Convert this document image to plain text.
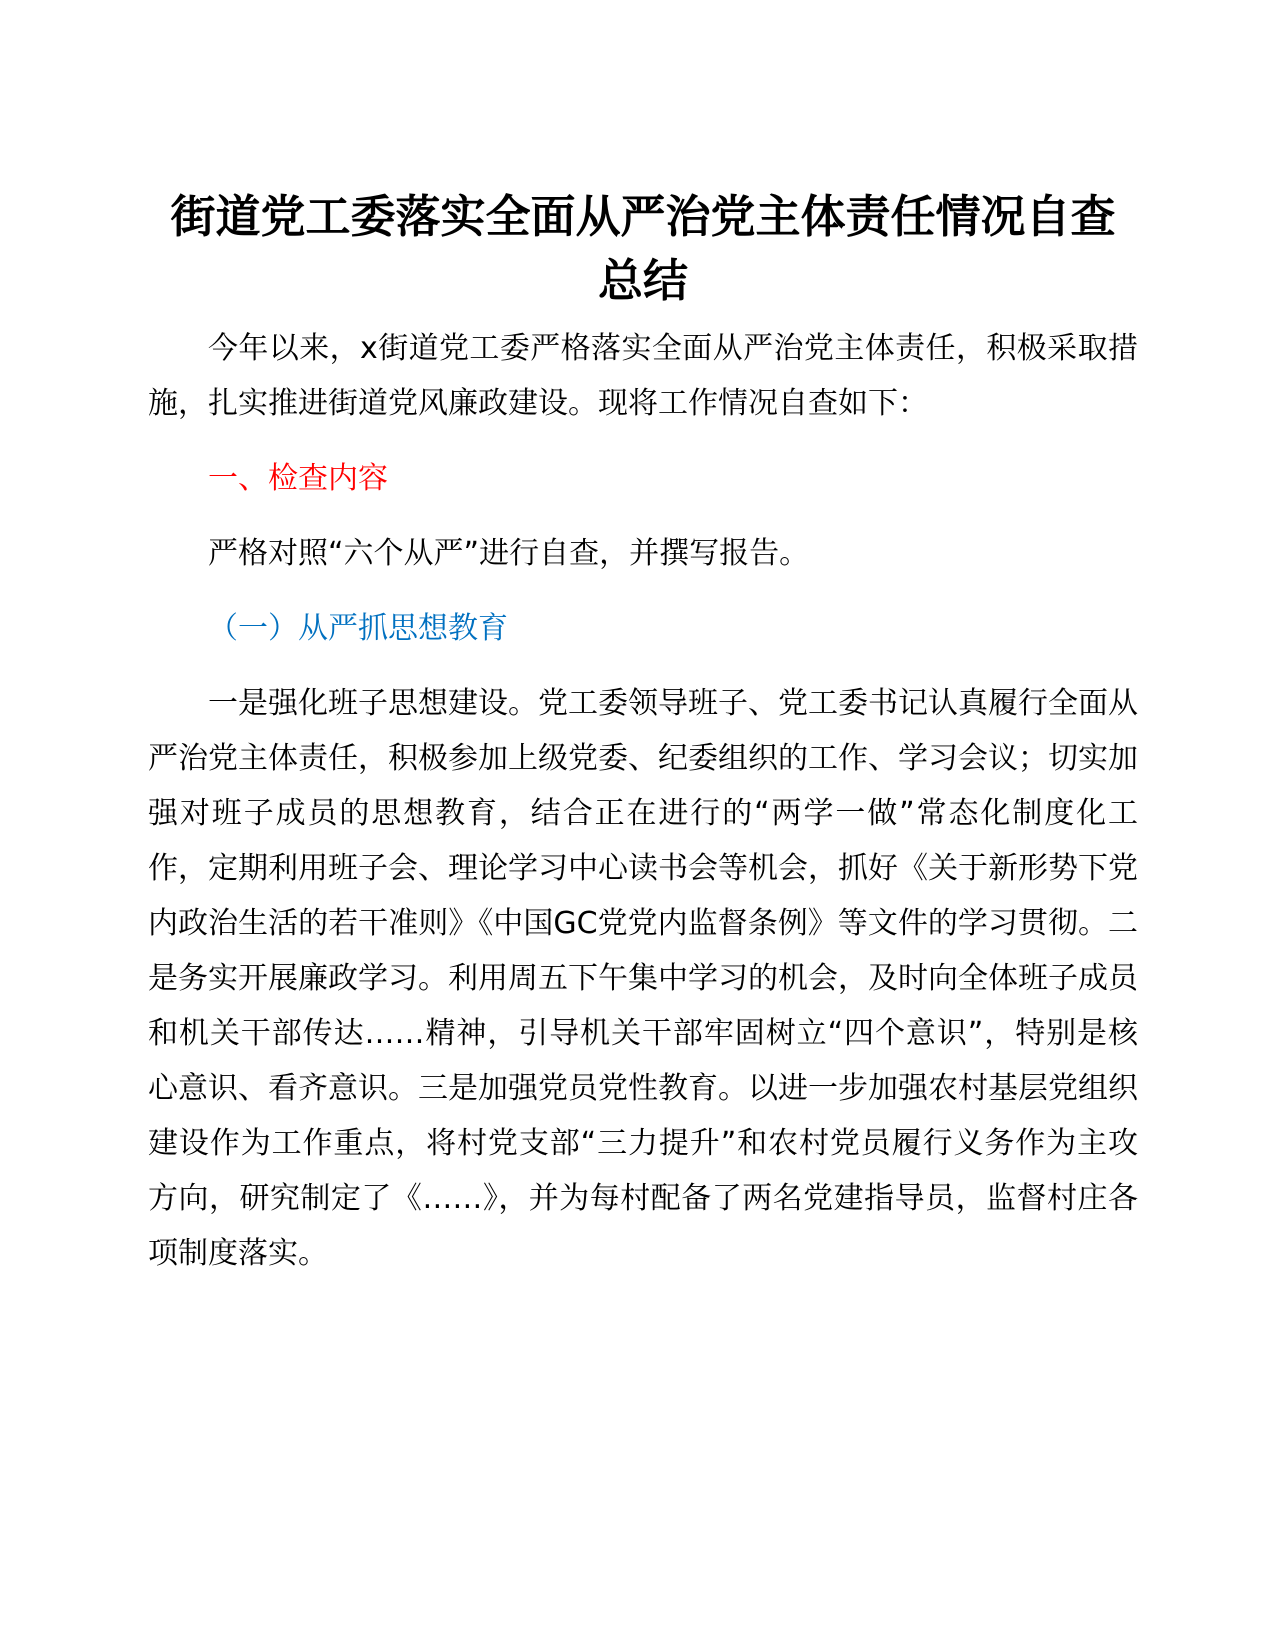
街道党工委落实全面从严治党主体责任情况自查
总结

今年以来，x街道党工委严格落实全面从严治党主体责任，积极采取措施，扎实推进街道党风廉政建设。现将工作情况自查如下：

一、检查内容

严格对照“六个从严”进行自查，并撰写报告。

（一）从严抓思想教育

一是强化班子思想建设。党工委领导班子、党工委书记认真履行全面从严治党主体责任，积极参加上级党委、纪委组织的工作、学习会议；切实加强对班子成员的思想教育，结合正在进行的“两学一做”常态化制度化工作，定期利用班子会、理论学习中心读书会等机会，抓好《关于新形势下党内政治生活的若干准则》《中国GC党党内监督条例》等文件的学习贯彻。二是务实开展廉政学习。利用周五下午集中学习的机会，及时向全体班子成员和机关干部传达……精神，引导机关干部牢固树立“四个意识”，特别是核心意识、看齐意识。三是加强党员党性教育。以进一步加强农村基层党组织建设作为工作重点，将村党支部“三力提升”和农村党员履行义务作为主攻方向，研究制定了《……》，并为每村配备了两名党建指导员，监督村庄各项制度落实。
